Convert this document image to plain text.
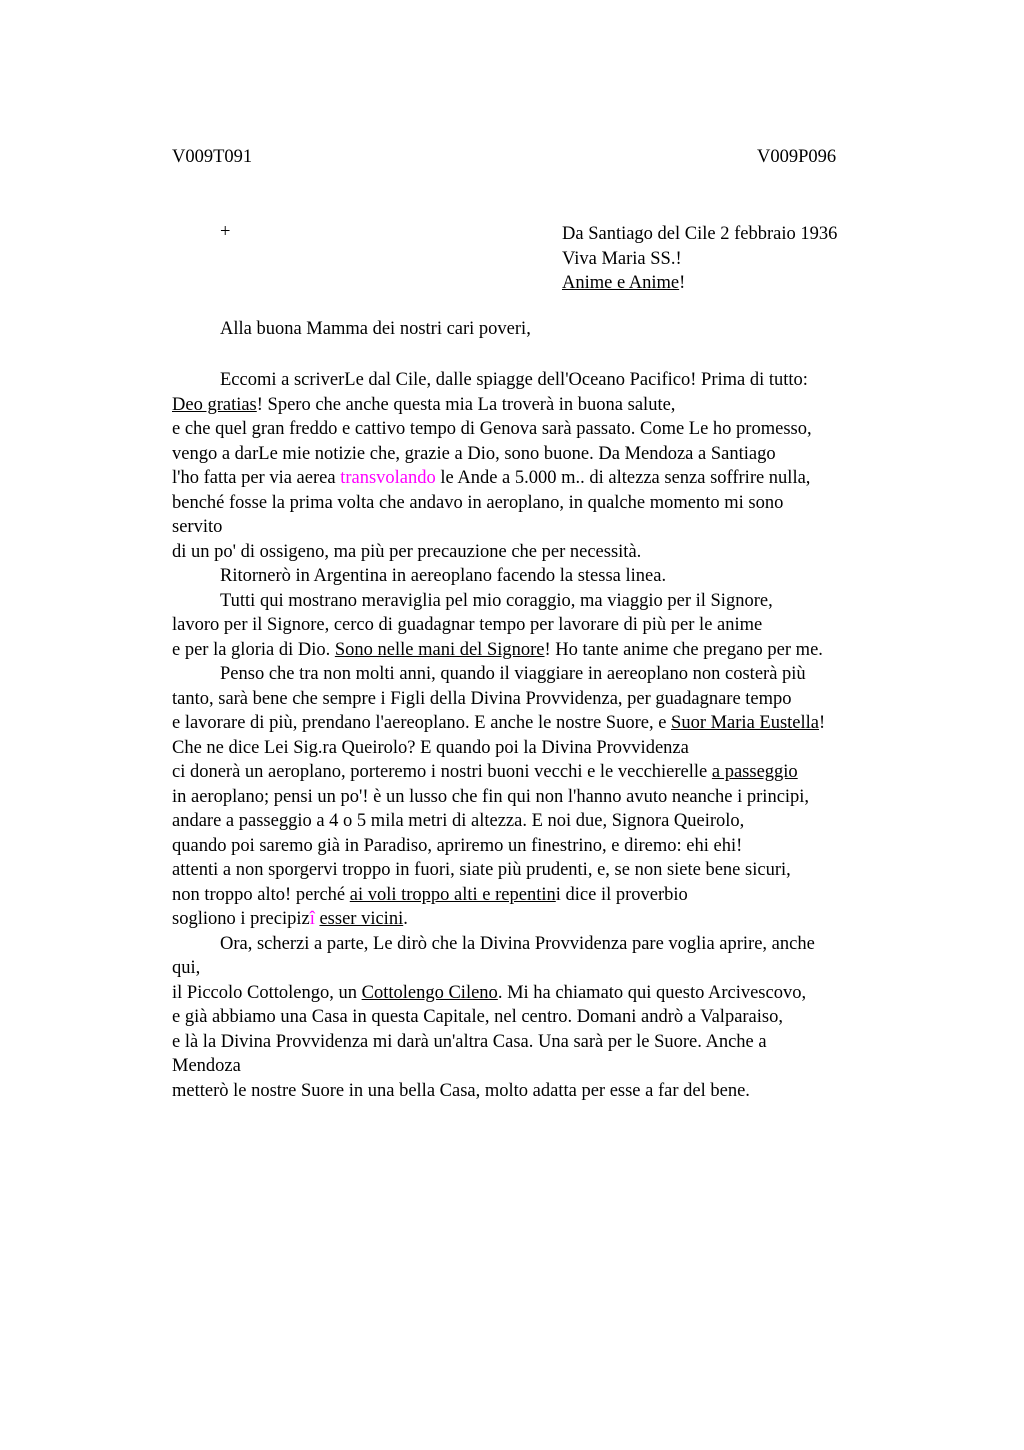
V009T091	V009P096
+	Da Santiago del Cile 2 febbraio 1936
Viva Maria SS.!
Anime e Anime!
Alla buona Mamma dei nostri cari poveri,
Eccomi a scriverLe dal Cile, dalle spiagge dell'Oceano Pacifico! Prima di tutto:
Deo gratias! Spero che anche questa mia La troverà in buona salute,
e che quel gran freddo e cattivo tempo di Genova sarà passato. Come Le ho promesso,
vengo a darLe mie notizie che, grazie a Dio, sono buone. Da Mendoza a Santiago
l'ho fatta per via aerea transvolando le Ande a 5.000 m.. di altezza senza soffrire nulla,
benché fosse la prima volta che andavo in aeroplano, in qualche momento mi sono
servito
di un po' di ossigeno, ma più per precauzione che per necessità.
Ritornerò in Argentina in aereoplano facendo la stessa linea.
Tutti qui mostrano meraviglia pel mio coraggio, ma viaggio per il Signore,
lavoro per il Signore, cerco di guadagnar tempo per lavorare di più per le anime
e per la gloria di Dio. Sono nelle mani del Signore! Ho tante anime che pregano per me.
Penso che tra non molti anni, quando il viaggiare in aereoplano non costerà più
tanto, sarà bene che sempre i Figli della Divina Provvidenza, per guadagnare tempo
e lavorare di più, prendano l'aereoplano. E anche le nostre Suore, e Suor Maria Eustella!
Che ne dice Lei Sig.ra Queirolo? E quando poi la Divina Provvidenza
ci donerà un aeroplano, porteremo i nostri buoni vecchi e le vecchierelle a passeggio
in aeroplano; pensi un po'! è un lusso che fin qui non l'hanno avuto neanche i principi,
andare a passeggio a 4 o 5 mila metri di altezza. E noi due, Signora Queirolo,
quando poi saremo già in Paradiso, apriremo un finestrino, e diremo: ehi ehi!
attenti a non sporgervi troppo in fuori, siate più prudenti, e, se non siete bene sicuri,
non troppo alto! perché ai voli troppo alti e repentini dice il proverbio
sogliono i precipizî esser vicini.
Ora, scherzi a parte, Le dirò che la Divina Provvidenza pare voglia aprire, anche
qui,
il Piccolo Cottolengo, un Cottolengo Cileno. Mi ha chiamato qui questo Arcivescovo,
e già abbiamo una Casa in questa Capitale, nel centro. Domani andrò a Valparaiso,
e là la Divina Provvidenza mi darà un'altra Casa. Una sarà per le Suore. Anche a
Mendoza
metterò le nostre Suore in una bella Casa, molto adatta per esse a far del bene.
